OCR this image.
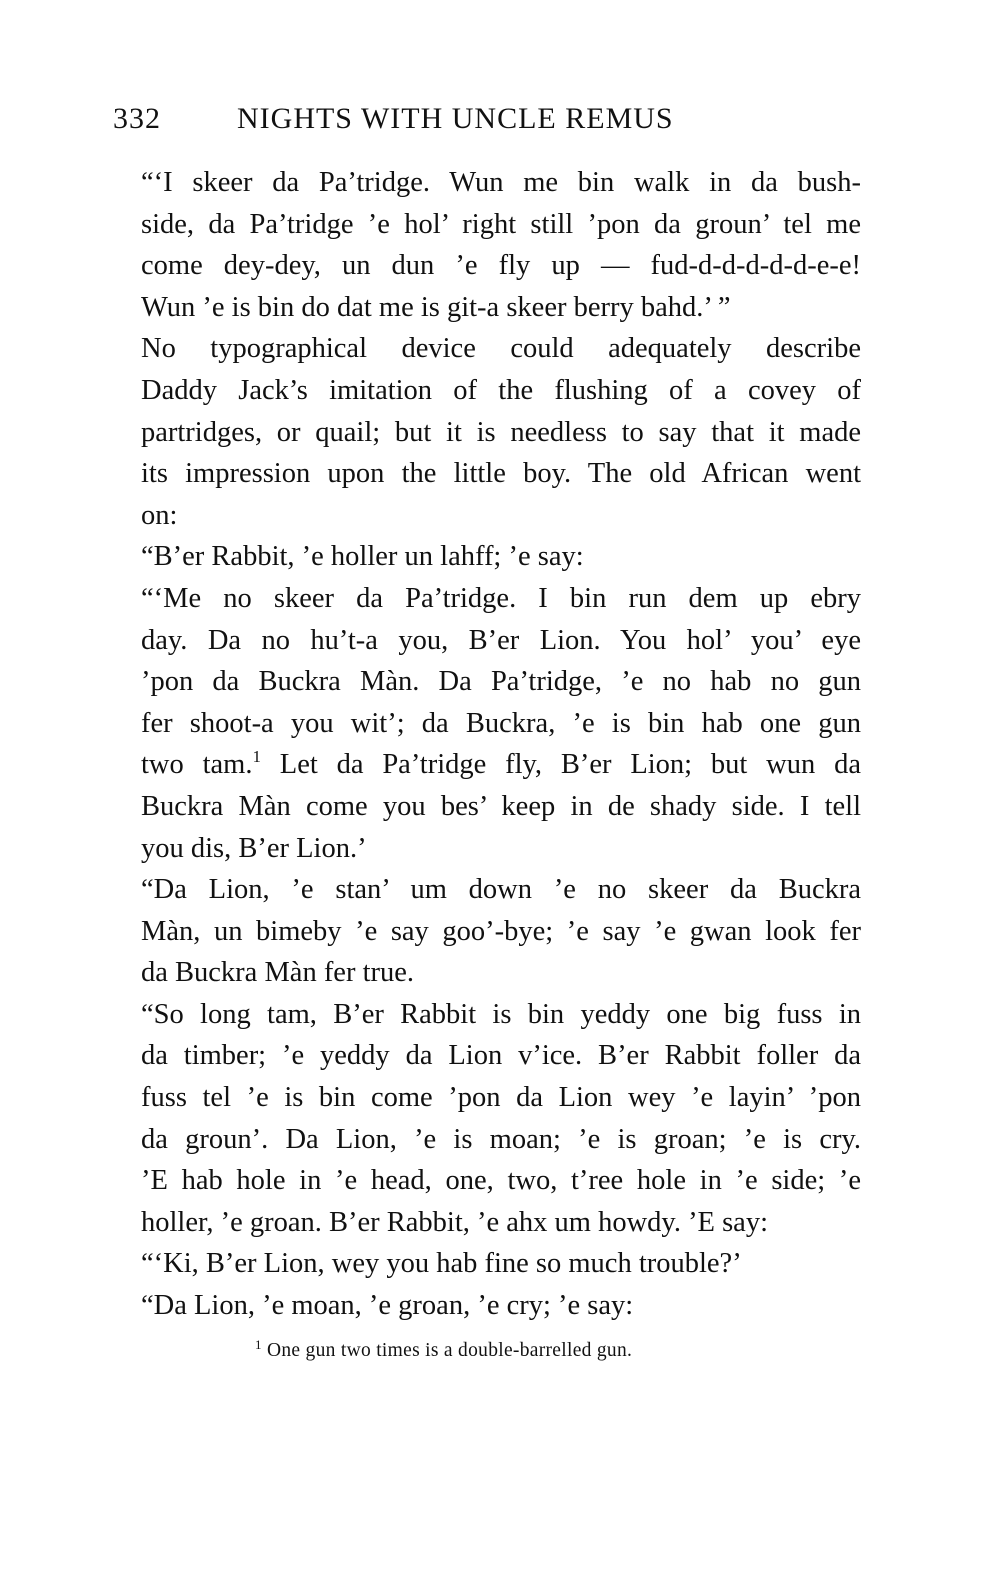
332	NIGHTS WITH UNCLE REMUS

“‘I skeer da Pa’tridge. Wun me bin walk in da bush-
side, da Pa’tridge ’e hol’ right still ’pon da groun’ tel me
come dey-dey, un dun ’e fly up — fud-d-d-d-d-d-e-e!
Wun ’e is bin do dat me is git-a skeer berry bahd.’ ”

No typographical device could adequately describe
Daddy Jack’s imitation of the flushing of a covey of
partridges, or quail; but it is needless to say that it made
its impression upon the little boy. The old African went
on:

“B’er Rabbit, ’e holler un lahff; ’e say:

“‘Me no skeer da Pa’tridge. I bin run dem up ebry
day. Da no hu’t-a you, B’er Lion. You hol’ you’ eye
’pon da Buckra Màn. Da Pa’tridge, ’e no hab no gun
fer shoot-a you wit’; da Buckra, ’e is bin hab one gun
two tam.$^1$ Let da Pa’tridge fly, B’er Lion; but wun da
Buckra Màn come you bes’ keep in de shady side. I tell
you dis, B’er Lion.’

“Da Lion, ’e stan’ um down ’e no skeer da Buckra
Màn, un bimeby ’e say goo’-bye; ’e say ’e gwan look fer
da Buckra Màn fer true.

“So long tam, B’er Rabbit is bin yeddy one big fuss in
da timber; ’e yeddy da Lion v’ice. B’er Rabbit foller da
fuss tel ’e is bin come ’pon da Lion wey ’e layin’ ’pon
da groun’. Da Lion, ’e is moan; ’e is groan; ’e is cry.
’E hab hole in ’e head, one, two, t’ree hole in ’e side; ’e
holler, ’e groan. B’er Rabbit, ’e ahx um howdy. ’E say:

“‘Ki, B’er Lion, wey you hab fine so much trouble?’

“Da Lion, ’e moan, ’e groan, ’e cry; ’e say:

$^1$ One gun two times is a double-barrelled gun.
